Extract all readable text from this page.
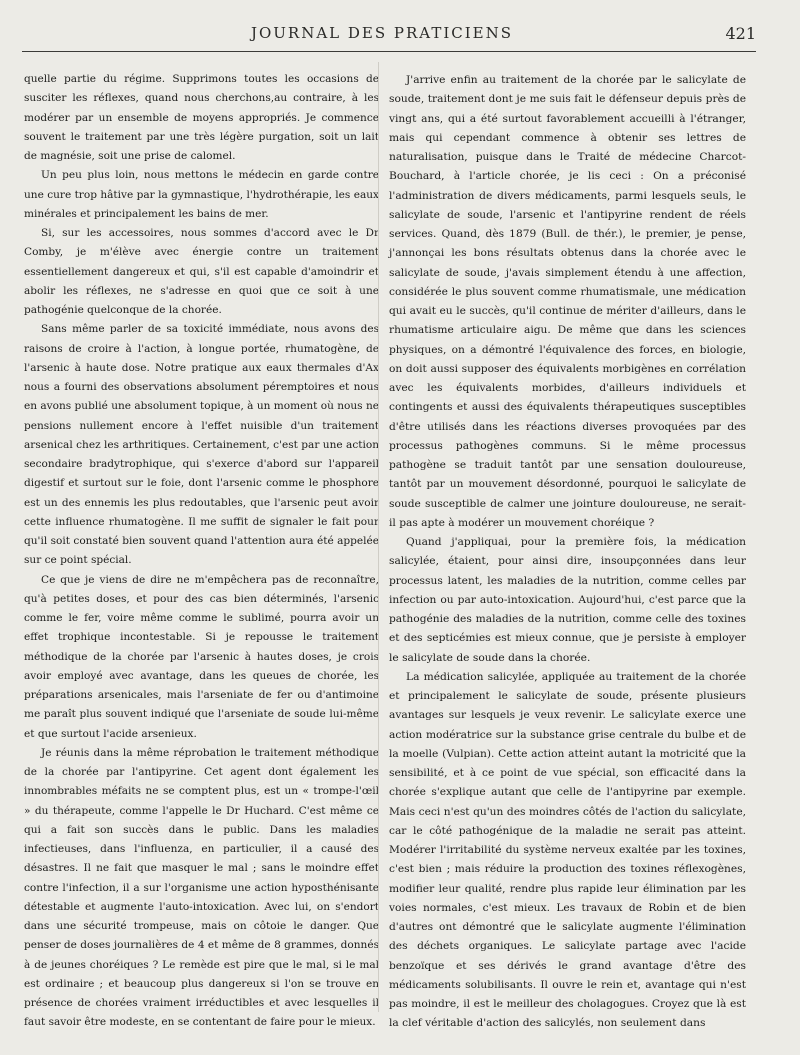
JOURNAL DES PRATICIENS	421

quelle partie du régime. Supprimons toutes les occasions de susciter les réflexes, quand nous cherchons,au contraire, à les modérer par un ensemble de moyens appropriés. Je commence souvent le traitement par une très légère purgation, soit un lait de magnésie, soit une prise de calomel.

Un peu plus loin, nous mettons le médecin en garde contre une cure trop hâtive par la gymnastique, l'hydrothérapie, les eaux minérales et principalement les bains de mer.

Si, sur les accessoires, nous sommes d'accord avec le Dr Comby, je m'élève avec énergie contre un traitement essentiellement dangereux et qui, s'il est capable d'amoindrir et abolir les réflexes, ne s'adresse en quoi que ce soit à une pathogénie quelconque de la chorée.

Sans même parler de sa toxicité immédiate, nous avons des raisons de croire à l'action, à longue portée, rhumatogène, de l'arsenic à haute dose. Notre pratique aux eaux thermales d'Ax nous a fourni des observations absolument péremptoires et nous en avons publié une absolument topique, à un moment où nous ne pensions nullement encore à l'effet nuisible d'un traitement arsenical chez les arthritiques. Certainement, c'est par une action secondaire bradytrophique, qui s'exerce d'abord sur l'appareil digestif et surtout sur le foie, dont l'arsenic comme le phosphore est un des ennemis les plus redoutables, que l'arsenic peut avoir cette influence rhumatogène. Il me suffit de signaler le fait pour qu'il soit constaté bien souvent quand l'attention aura été appelée sur ce point spécial.

Ce que je viens de dire ne m'empêchera pas de reconnaître, qu'à petites doses, et pour des cas bien déterminés, l'arsenic comme le fer, voire même comme le sublimé, pourra avoir un effet trophique incontestable. Si je repousse le traitement méthodique de la chorée par l'arsenic à hautes doses, je crois avoir employé avec avantage, dans les queues de chorée, les préparations arsenicales, mais l'arseniate de fer ou d'antimoine me paraît plus souvent indiqué que l'arseniate de soude lui-même et que surtout l'acide arsenieux.

Je réunis dans la même réprobation le traitement méthodique de la chorée par l'antipyrine. Cet agent dont également les innombrables méfaits ne se comptent plus, est un « trompe-l'œil » du thérapeute, comme l'appelle le Dr Huchard. C'est même ce qui a fait son succès dans le public. Dans les maladies infectieuses, dans l'influenza, en particulier, il a causé des désastres. Il ne fait que masquer le mal ; sans le moindre effet contre l'infection, il a sur l'organisme une action hyposthénisante détestable et augmente l'auto-intoxication. Avec lui, on s'endort dans une sécurité trompeuse, mais on côtoie le danger. Que penser de doses journalières de 4 et même de 8 grammes, donnés à de jeunes choréiques ? Le remède est pire que le mal, si le mal est ordinaire ; et beaucoup plus dangereux si l'on se trouve en présence de chorées vraiment irréductibles et avec lesquelles il faut savoir être modeste, en se contentant de faire pour le mieux.

J'arrive enfin au traitement de la chorée par le salicylate de soude, traitement dont je me suis fait le défenseur depuis près de vingt ans, qui a été surtout favorablement accueilli à l'étranger, mais qui cependant commence à obtenir ses lettres de naturalisation, puisque dans le Traité de médecine Charcot-Bouchard, à l'article chorée, je lis ceci : On a préconisé l'administration de divers médicaments, parmi lesquels seuls, le salicylate de soude, l'arsenic et l'antipyrine rendent de réels services. Quand, dès 1879 (Bull. de thér.), le premier, je pense, j'annonçai les bons résultats obtenus dans la chorée avec le salicylate de soude, j'avais simplement étendu à une affection, considérée le plus souvent comme rhumatismale, une médication qui avait eu le succès, qu'il continue de mériter d'ailleurs, dans le rhumatisme articulaire aigu. De même que dans les sciences physiques, on a démontré l'équivalence des forces, en biologie, on doit aussi supposer des équivalents morbigènes en corrélation avec les équivalents morbides, d'ailleurs individuels et contingents et aussi des équivalents thérapeutiques susceptibles d'être utilisés dans les réactions diverses provoquées par des processus pathogènes communs. Si le même processus pathogène se traduit tantôt par une sensation douloureuse, tantôt par un mouvement désordonné, pourquoi le salicylate de soude susceptible de calmer une jointure douloureuse, ne serait-il pas apte à modérer un mouvement choréique ?

Quand j'appliquai, pour la première fois, la médication salicylée, étaient, pour ainsi dire, insoupçonnées dans leur processus latent, les maladies de la nutrition, comme celles par infection ou par auto-intoxication. Aujourd'hui, c'est parce que la pathogénie des maladies de la nutrition, comme celle des toxines et des septicémies est mieux connue, que je persiste à employer le salicylate de soude dans la chorée.

La médication salicylée, appliquée au traitement de la chorée et principalement le salicylate de soude, présente plusieurs avantages sur lesquels je veux revenir. Le salicylate exerce une action modératrice sur la substance grise centrale du bulbe et de la moelle (Vulpian). Cette action atteint autant la motricité que la sensibilité, et à ce point de vue spécial, son efficacité dans la chorée s'explique autant que celle de l'antipyrine par exemple. Mais ceci n'est qu'un des moindres côtés de l'action du salicylate, car le côté pathogénique de la maladie ne serait pas atteint. Modérer l'irritabilité du système nerveux exaltée par les toxines, c'est bien ; mais réduire la production des toxines réflexogènes, modifier leur qualité, rendre plus rapide leur élimination par les voies normales, c'est mieux. Les travaux de Robin et de bien d'autres ont démontré que le salicylate augmente l'élimination des déchets organiques. Le salicylate partage avec l'acide benzoïque et ses dérivés le grand avantage d'être des médicaments solubilisants. Il ouvre le rein et, avantage qui n'est pas moindre, il est le meilleur des cholagogues. Croyez que là est la clef véritable d'action des salicylés, non seulement dans
